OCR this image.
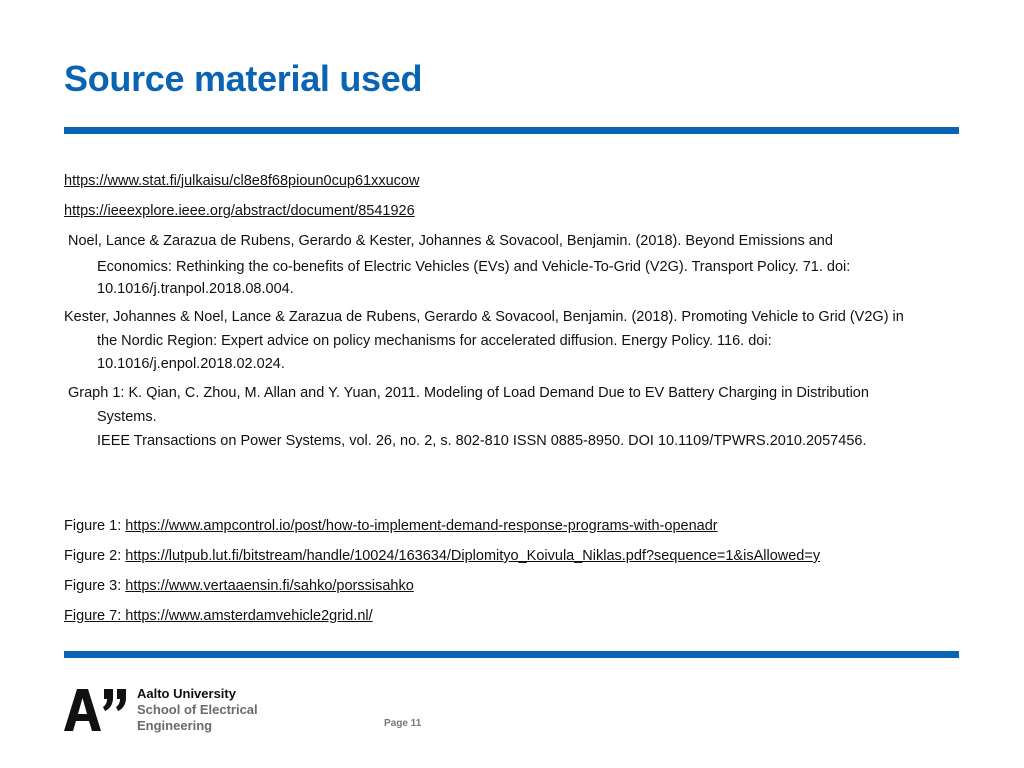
Source material used
https://www.stat.fi/julkaisu/cl8e8f68pioun0cup61xxucow
https://ieeexplore.ieee.org/abstract/document/8541926
Noel, Lance & Zarazua de Rubens, Gerardo & Kester, Johannes & Sovacool, Benjamin. (2018). Beyond Emissions and
Economics: Rethinking the co-benefits of Electric Vehicles (EVs) and Vehicle-To-Grid (V2G). Transport Policy. 71. doi:
10.1016/j.tranpol.2018.08.004.
Kester, Johannes & Noel, Lance & Zarazua de Rubens, Gerardo & Sovacool, Benjamin. (2018). Promoting Vehicle to Grid (V2G) in
the Nordic Region: Expert advice on policy mechanisms for accelerated diffusion. Energy Policy. 116. doi:
10.1016/j.enpol.2018.02.024.
Graph 1: K. Qian, C. Zhou, M. Allan and Y. Yuan, 2011. Modeling of Load Demand Due to EV Battery Charging in Distribution
Systems.
IEEE Transactions on Power Systems, vol. 26, no. 2, s. 802-810 ISSN 0885-8950. DOI 10.1109/TPWRS.2010.2057456.
Figure 1: https://www.ampcontrol.io/post/how-to-implement-demand-response-programs-with-openadr
Figure 2: https://lutpub.lut.fi/bitstream/handle/10024/163634/Diplomityo_Koivula_Niklas.pdf?sequence=1&isAllowed=y
Figure 3: https://www.vertaaensin.fi/sahko/porssisahko
Figure 7: https://www.amsterdamvehicle2grid.nl/
Aalto University
School of Electrical
Engineering	Page 11
